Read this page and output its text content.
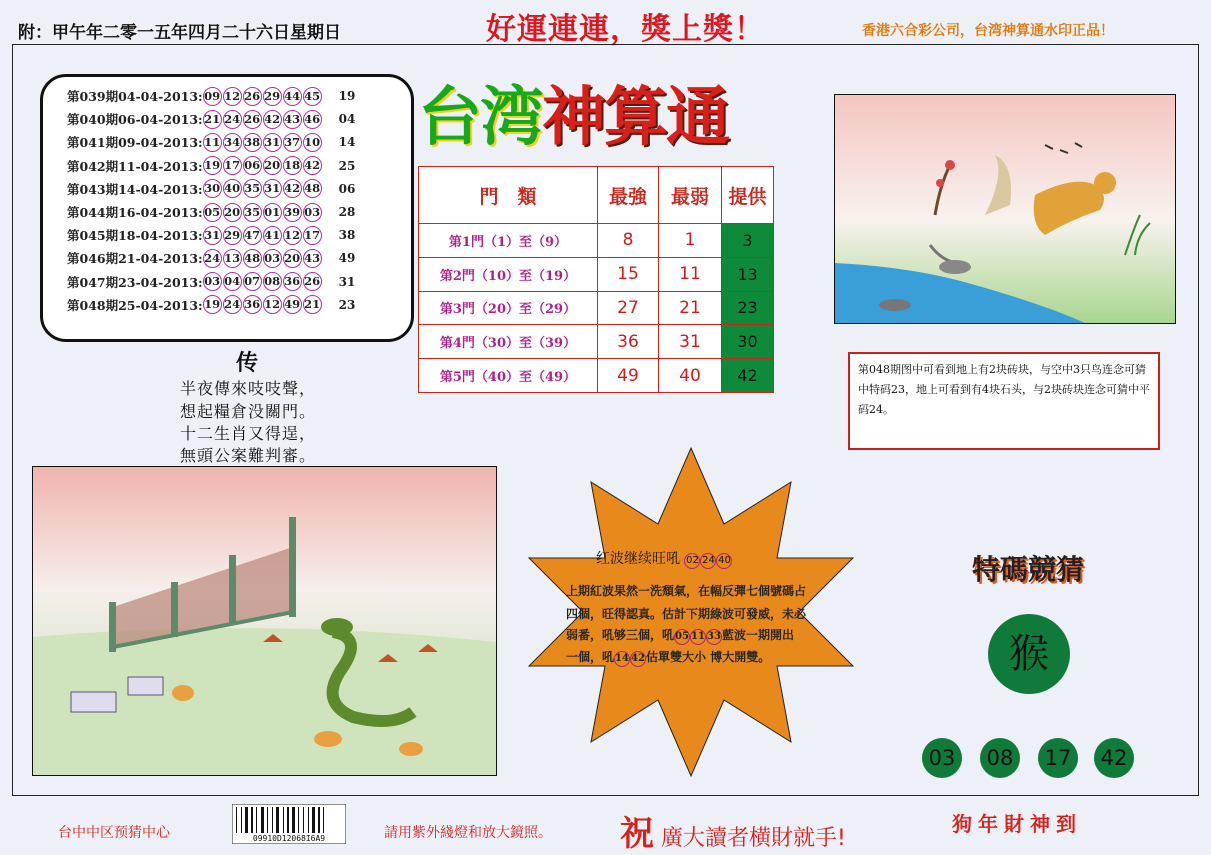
附：甲午年二零一五年四月二十六日星期日	好運連連，獎上獎！	香港六合彩公司，台湾神算通水印正品！
第039期04-04-2013: 09 12 26 29 44 45 19
第040期06-04-2013: 21 24 26 42 43 46 04
第041期09-04-2013: 11 34 38 31 37 10 14
第042期11-04-2013: 19 17 06 20 18 42 25
第043期14-04-2013: 30 40 35 31 42 48 06
第044期16-04-2013: 05 20 35 01 39 03 28
第045期18-04-2013: 31 29 47 41 12 17 38
第046期21-04-2013: 24 13 48 03 20 43 49
第047期23-04-2013: 03 04 07 08 36 26 31
第048期25-04-2013: 19 24 36 12 49 21 23
台湾神算通
門　類	最強	最弱	提供
第1門（1）至（9）	8	1	3
第2門（10）至（19）	15	11	13
第3門（20）至（29）	27	21	23
第4門（30）至（39）	36	31	30
第5門（40）至（49）	49	40	42
传
半夜傳來吱吱聲，
想起糧倉没關門。
十二生肖又得逞，
無頭公案難判審。
第048期图中可看到地上有2块砖块，与空中3只鸟连念可猜中特码23，地上可看到有4块石头，与2块砖块连念可猜中平码24。
红波继续旺吼 02 24 40
上期紅波果然一洗頹氣，在幅反彈七個號碼占
四個，旺得認真。估計下期綠波可發威，未必
弱番，吼够三個，吼05 11 33藍波一期開出
一個，吼14 42估單雙大小 博大開雙。
特碼競猜
猴
03	08	17	42
台中中区预猜中心	09910D12068I6A9	請用紫外綫燈和放大鏡照。 祝 廣大讀者横財就手!
狗年財神到
